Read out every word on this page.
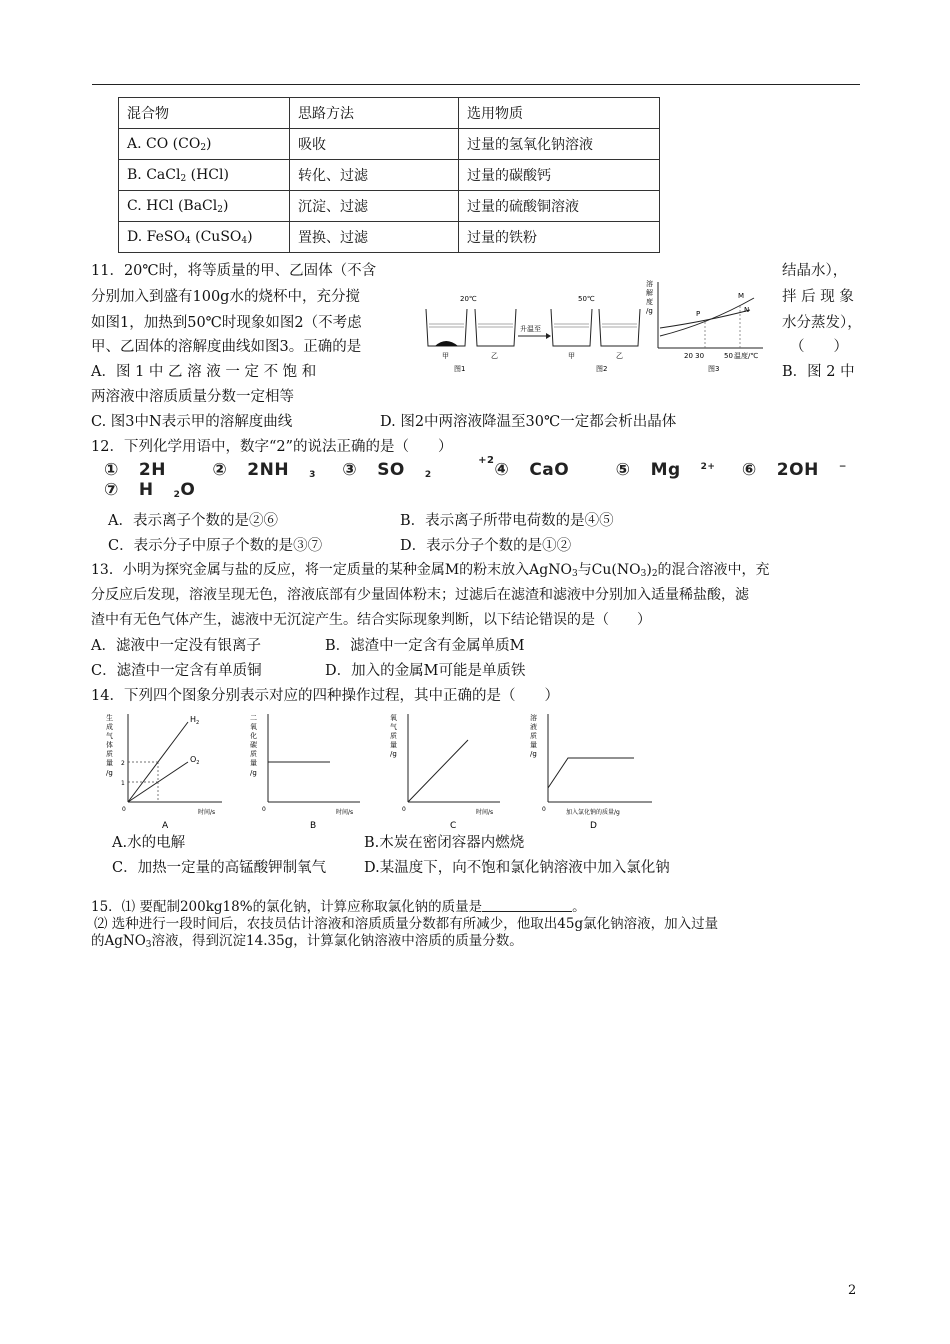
混合物	思路方法	选用物质
A. CO $(CO_2)$	吸收	过量的氢氧化钠溶液
B. CaCl$_2$ (HCl)	转化、过滤	过量的碳酸钙
C. HCl (BaCl$_2$)	沉淀、过滤	过量的硫酸铜溶液
D. FeSO$_4$ (CuSO$_4$)	置换、过滤	过量的铁粉
11．20℃时，将等质量的甲、乙固体（不含	结晶水），
分别加入到盛有100g水的烧杯中，充分搅	拌 后 现 象
如图1，加热到50℃时现象如图2（不考虑	水分蒸发），
甲、乙固体的溶解度曲线如图3。正确的是	（　　）
A．图 1 中 乙 溶 液 一 定 不 饱 和	B．图 2 中
两溶液中溶质质量分数一定相等
C. 图3中N表示甲的溶解度曲线	D. 图2中两溶液降温至30℃一定都会析出晶体
20℃
甲	乙
图1
升温至
50℃
甲	乙
图2
溶
解
度
/g
M
N
P
20 30	50 温度/℃
图3
12．下列化学用语中，数字“2”的说法正确的是（　　）
① 2H	② 2NH $_3$ ③ SO $_2$ $^{+2}$④ CaO	⑤ Mg $^{2+}$ ⑥ 2OH − ⑦ H $_2$O
A．表示离子个数的是②⑥	B．表示离子所带电荷数的是④⑤
C．表示分子中原子个数的是③⑦	D．表示分子个数的是①②
13．小明为探究金属与盐的反应，将一定质量的某种金属M的粉末放入AgNO$_3$与$Cu(NO_3)_2$的混合溶液中，充
分反应后发现，溶液呈现无色，溶液底部有少量固体粉末；过滤后在滤渣和滤液中分别加入适量稀盐酸，滤
渣中有无色气体产生，滤液中无沉淀产生。结合实际现象判断，以下结论错误的是（　　）
A．滤液中一定没有银离子	B．滤渣中一定含有金属单质M
C．滤渣中一定含有单质铜	D．加入的金属M可能是单质铁
14．下列四个图象分别表示对应的四种操作过程，其中正确的是（　　）
生
成
气
体
质
量
/g
$H_2$
$O_2$
2
1
0	时间/s
A
二
氧
化
碳
质
量
/g
0	时间/s
B
氧
气
质
量
/g
0	时间/s
C
溶
液
质
量
/g
0	加入氯化钠的质量/g
D
A.水的电解	B.木炭在密闭容器内燃烧
C．加热一定量的高锰酸钾制氧气	D.某温度下，向不饱和氯化钠溶液中加入氯化钠
15．⑴ 要配制200kg18%的氯化钠，计算应称取氯化钠的质量是	。
⑵ 选种进行一段时间后，农技员估计溶液和溶质质量分数都有所减少，他取出45g氯化钠溶液，加入过量
的AgNO$_3$溶液，得到沉淀14.35g，计算氯化钠溶液中溶质的质量分数。
2
